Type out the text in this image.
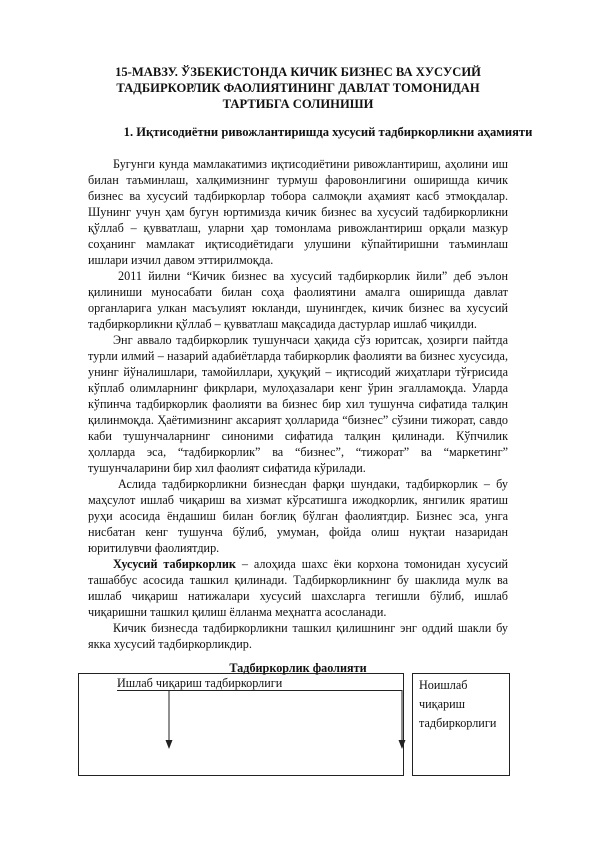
15-МАВЗУ. ЎЗБЕКИСТОНДА КИЧИК БИЗНЕС ВА ХУСУСИЙ ТАДБИРКОРЛИК ФАОЛИЯТИНИНГ ДАВЛАТ ТОМОНИДАН ТАРТИБГА СОЛИНИШИ
1. Иқтисодиётни ривожлантиришда хусусий тадбиркорликни аҳамияти

Бугунги кунда мамлакатимиз иқтисодиётини ривожлантириш, аҳолини иш билан таъминлаш, халқимизнинг турмуш фаровонлигини оширишда кичик бизнес ва хусусий тадбиркорлар тобора салмоқли аҳамият касб этмоқдалар. Шунинг учун ҳам бугун юртимизда кичик бизнес ва хусусий тадбиркорликни қўллаб – қувватлаш, уларни ҳар томонлама ривожлантириш орқали мазкур соҳанинг мамлакат иқтисодиётидаги улушини кўпайтиришни таъминлаш ишлари изчил давом эттирилмоқда.

2011 йилни “Кичик бизнес ва хусусий тадбиркорлик йили” деб эълон қилиниши муносабати билан соҳа фаолиятини амалга оширишда давлат органларига улкан масъулият юкланди, шунингдек, кичик бизнес ва хусусий тадбиркорликни қўллаб – қувватлаш мақсадида дастурлар ишлаб чиқилди.

Энг аввало тадбиркорлик тушунчаси ҳақида сўз юритсак, ҳозирги пайтда турли илмий – назарий адабиётларда табиркорлик фаолияти ва бизнес хусусида, унинг йўналишлари, тамойиллари, ҳуқуқий – иқтисодий жиҳатлари тўғрисида кўплаб олимларнинг фикрлари, мулоҳазалари кенг ўрин эгалламоқда. Уларда кўпинча тадбиркорлик фаолияти ва бизнес бир хил тушунча сифатида талқин қилинмоқда. Ҳаётимизнинг аксарият ҳолларида “бизнес” сўзини тижорат, савдо каби тушунчаларнинг синоними сифатида талқин қилинади. Кўпчилик ҳолларда эса, “тадбиркорлик” ва “бизнес”, “тижорат” ва “маркетинг” тушунчаларини бир хил фаолият сифатида кўрилади.

Аслида тадбиркорликни бизнесдан фарқи шундаки, тадбиркорлик – бу маҳсулот ишлаб чиқариш ва хизмат кўрсатишга ижодкорлик, янгилик яратиш руҳи асосида ёндашиш билан боғлиқ бўлган фаолиятдир. Бизнес эса, унга нисбатан кенг тушунча бўлиб, умуман, фойда олиш нуқтаи назаридан юритилувчи фаолиятдир.

Хусусий табиркорлик – алоҳида шахс ёки корхона томонидан хусусий ташаббус асосида ташкил қилинади. Тадбиркорликнинг бу шаклида мулк ва ишлаб чиқариш натижалари хусусий шахсларга тегишли бўлиб, ишлаб чиқаришни ташкил қилиш ёлланма меҳнатга асосланади.

Кичик бизнесда тадбиркорликни ташкил қилишнинг энг оддий шакли бу якка хусусий тадбиркорликдир.

Тадбиркорлик фаолияти
Ишлаб чиқариш тадбиркорлиги	Ноишлаб чиқариш тадбиркорлиги
